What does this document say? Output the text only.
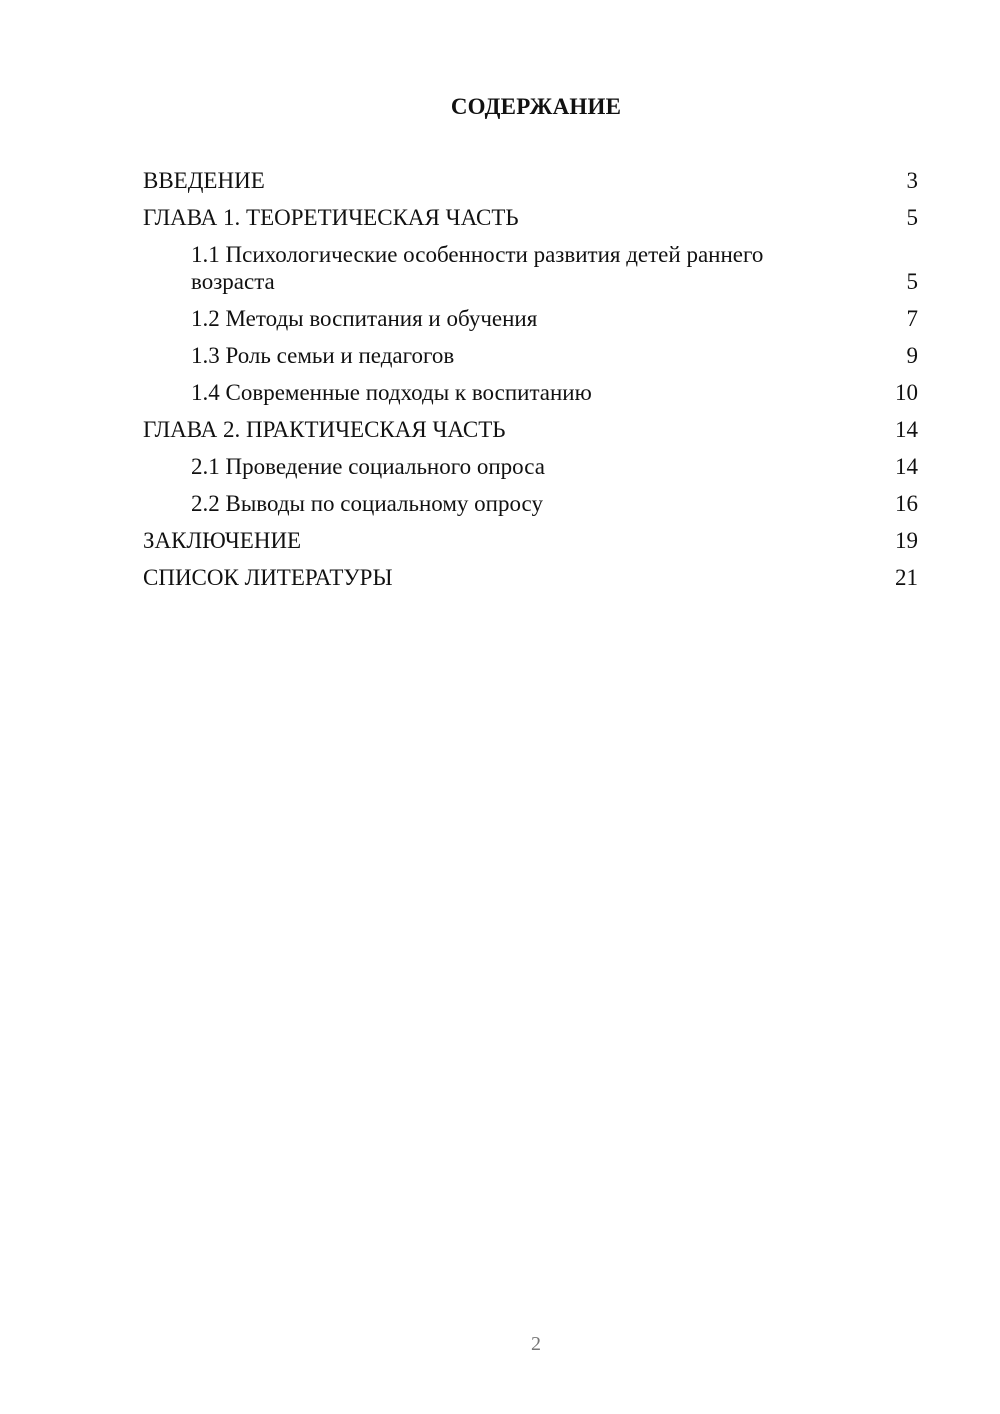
СОДЕРЖАНИЕ
ВВЕДЕНИЕ	3
ГЛАВА 1. ТЕОРЕТИЧЕСКАЯ ЧАСТЬ	5
1.1 Психологические особенности развития детей раннего возраста	5
1.2 Методы воспитания и обучения	7
1.3 Роль семьи и педагогов	9
1.4 Современные подходы к воспитанию	10
ГЛАВА 2. ПРАКТИЧЕСКАЯ ЧАСТЬ	14
2.1 Проведение социального опроса	14
2.2 Выводы по социальному опросу	16
ЗАКЛЮЧЕНИЕ	19
СПИСОК ЛИТЕРАТУРЫ	21
2
